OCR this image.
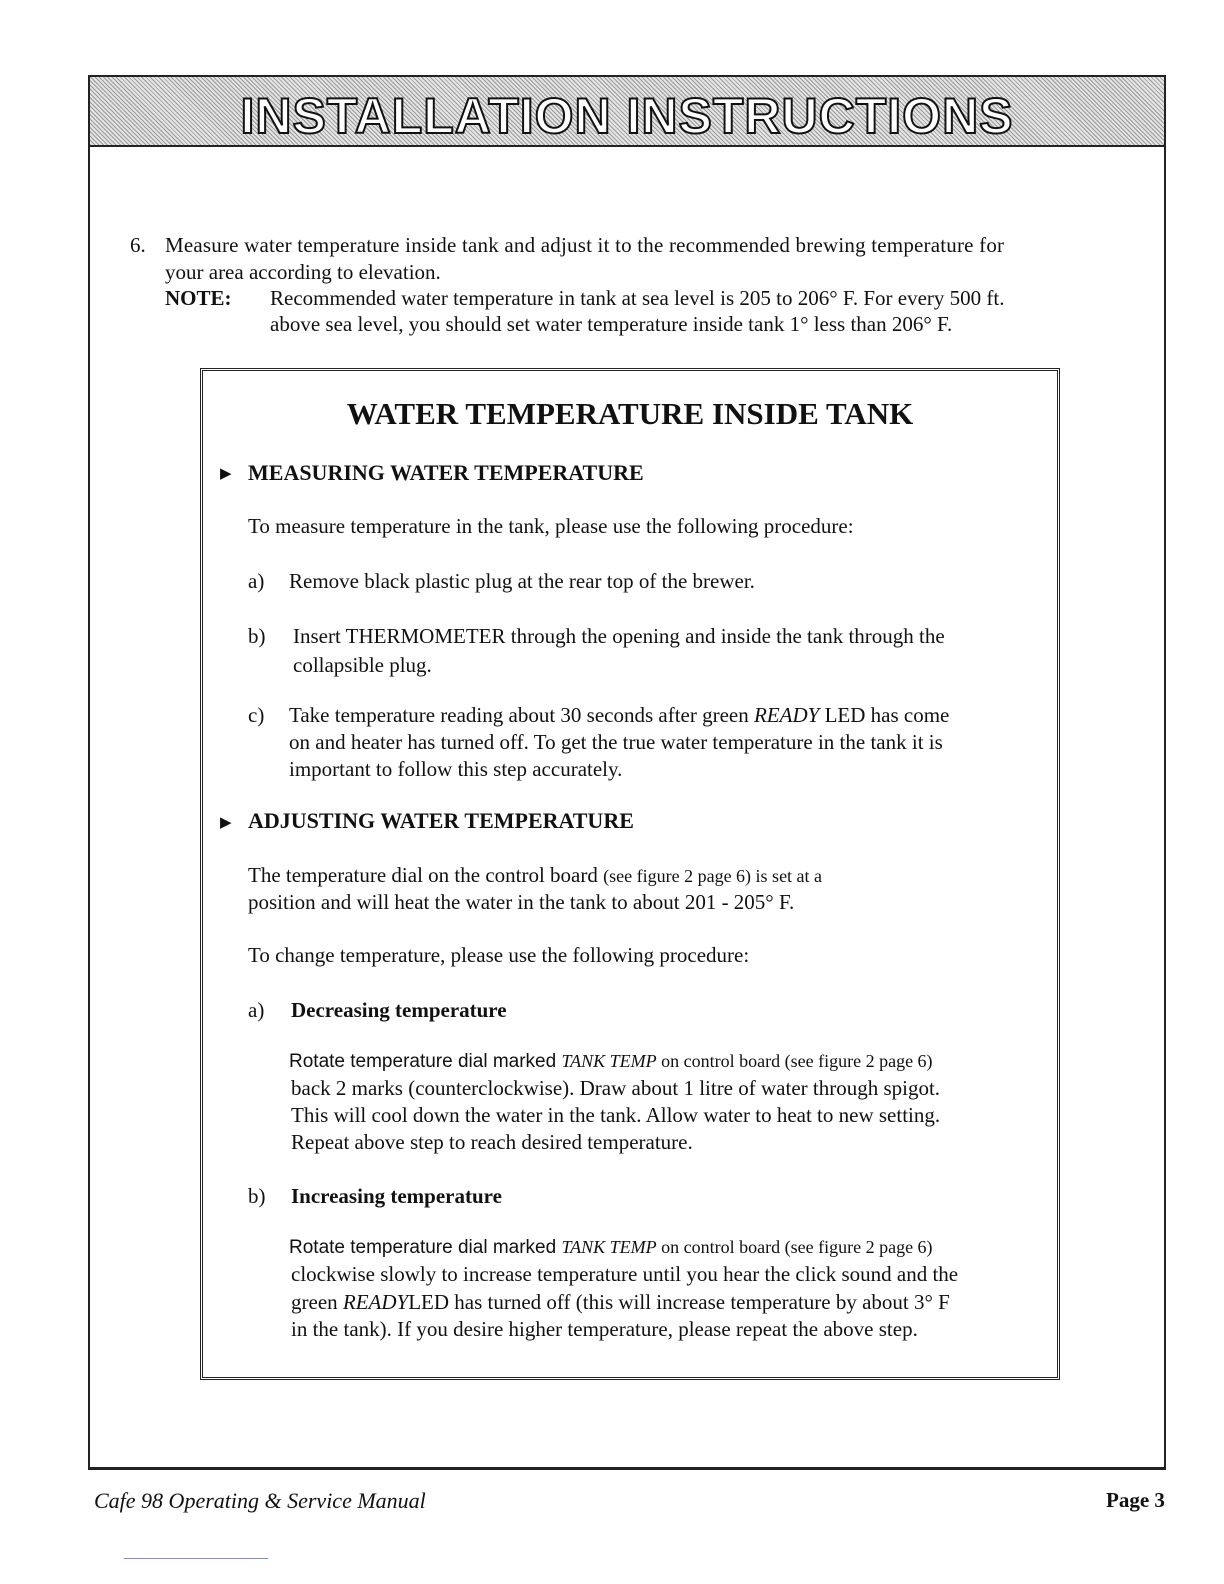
INSTALLATION INSTRUCTIONS
6. Measure water temperature inside tank and adjust it to the recommended brewing temperature for
your area according to elevation.
NOTE: Recommended water temperature in tank at sea level is 205 to 206° F. For every 500 ft.
above sea level, you should set water temperature inside tank 1° less than 206° F.
WATER TEMPERATURE INSIDE TANK
▶ MEASURING WATER TEMPERATURE
To measure temperature in the tank, please use the following procedure:
a) Remove black plastic plug at the rear top of the brewer.
b) Insert THERMOMETER through the opening and inside the tank through the
collapsible plug.
c) Take temperature reading about 30 seconds after green READY LED has come
on and heater has turned off. To get the true water temperature in the tank it is
important to follow this step accurately.
▶ ADJUSTING WATER TEMPERATURE
The temperature dial on the control board (see figure 2 page 6) is set at a
position and will heat the water in the tank to about 201 - 205° F.
To change temperature, please use the following procedure:
a) Decreasing temperature
Rotate temperature dial marked TANK TEMP on control board (see figure 2 page 6)
back 2 marks (counterclockwise). Draw about 1 litre of water through spigot.
This will cool down the water in the tank. Allow water to heat to new setting.
Repeat above step to reach desired temperature.
b) Increasing temperature
Rotate temperature dial marked TANK TEMP on control board (see figure 2 page 6)
clockwise slowly to increase temperature until you hear the click sound and the
green READYLED has turned off (this will increase temperature by about 3° F
in the tank). If you desire higher temperature, please repeat the above step.
Cafe 98 Operating & Service Manual	Page 3
